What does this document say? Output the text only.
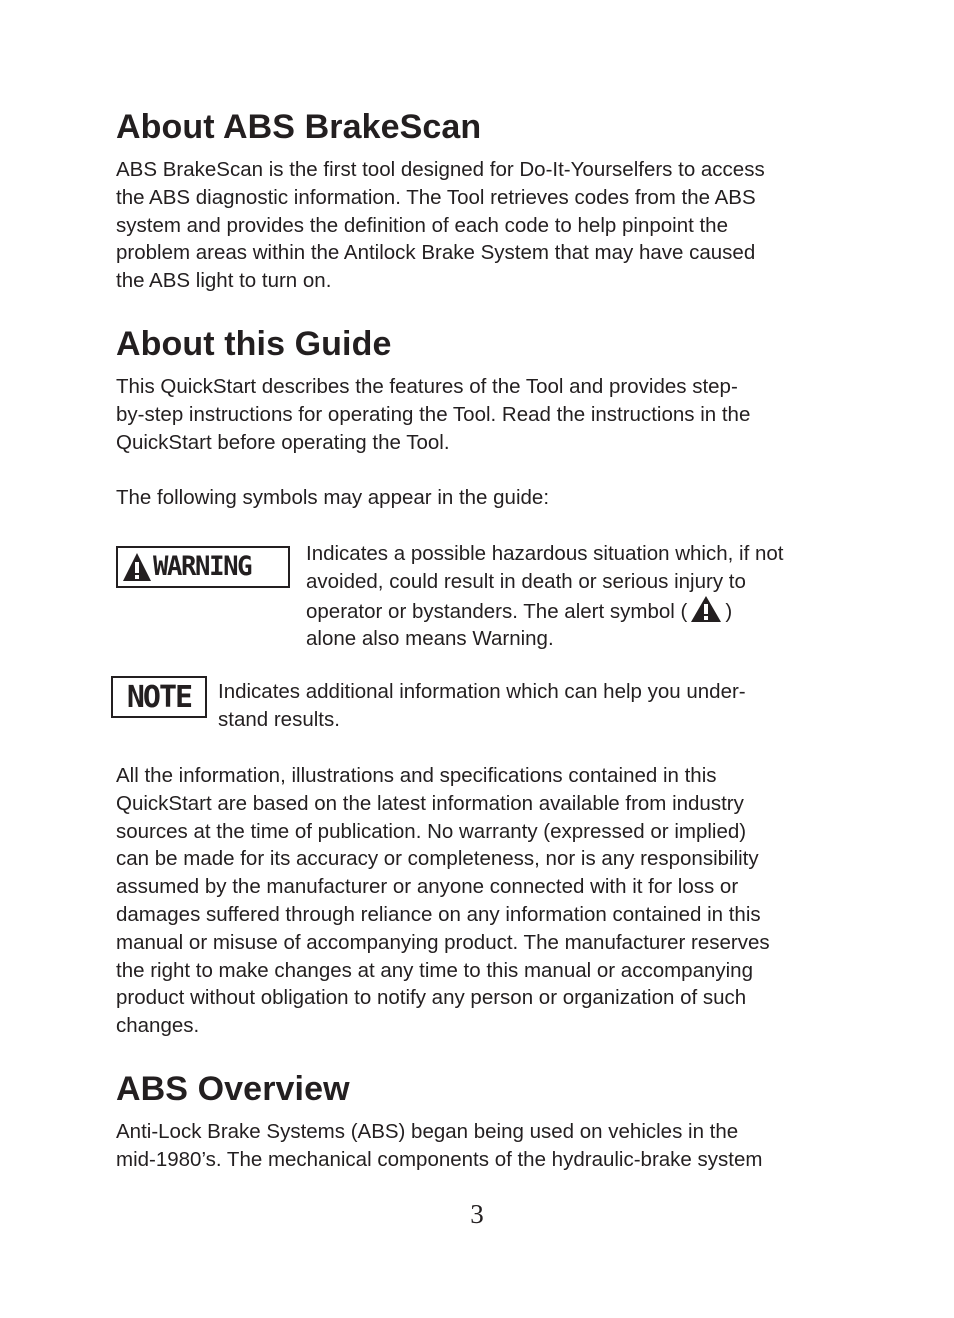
About ABS BrakeScan

ABS BrakeScan is the first tool designed for Do-It-Yourselfers to access
the ABS diagnostic information. The Tool retrieves codes from the ABS
system and provides the definition of each code to help pinpoint the
problem areas within the Antilock Brake System that may have caused
the ABS light to turn on.

About this Guide

This QuickStart describes the features of the Tool and provides step-
by-step instructions for operating the Tool. Read the instructions in the
QuickStart before operating the Tool.

The following symbols may appear in the guide:

WARNING	Indicates a possible hazardous situation which, if not
avoided, could result in death or serious injury to
operator or bystanders. The alert symbol ( )
alone also means Warning.

NOTE	Indicates additional information which can help you under-
stand results.

All the information, illustrations and specifications contained in this
QuickStart are based on the latest information available from industry
sources at the time of publication. No warranty (expressed or implied)
can be made for its accuracy or completeness, nor is any responsibility
assumed by the manufacturer or anyone connected with it for loss or
damages suffered through reliance on any information contained in this
manual or misuse of accompanying product. The manufacturer reserves
the right to make changes at any time to this manual or accompanying
product without obligation to notify any person or organization of such
changes.

ABS Overview

Anti-Lock Brake Systems (ABS) began being used on vehicles in the
mid-1980’s. The mechanical components of the hydraulic-brake system

3
